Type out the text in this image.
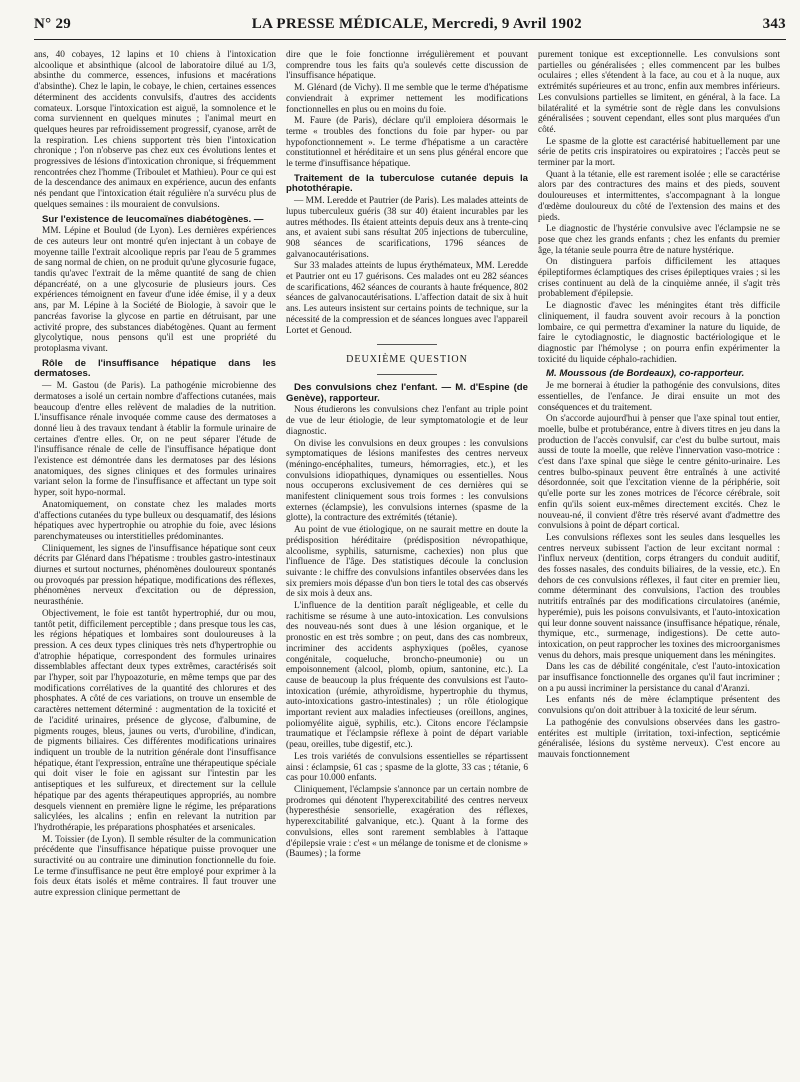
N° 29	LA PRESSE MÉDICALE, Mercredi, 9 Avril 1902	343

ans, 40 cobayes, 12 lapins et 10 chiens à l'intoxication alcoolique et absinthique (alcool de laboratoire dilué au 1/3, absinthe du commerce, essences, infusions et macérations d'absinthe). Chez le lapin, le cobaye, le chien, certaines essences déterminent des accidents convulsifs, d'autres des accidents comateux. Lorsque l'intoxication est aiguë, la somnolence et le coma surviennent en quelques minutes ; l'animal meurt en quelques heures par refroidissement progressif, cyanose, arrêt de la respiration. Les chiens supportent très bien l'intoxication chronique ; l'on n'observe pas chez eux ces évolutions lentes et progressives de lésions d'intoxication chronique, si fréquemment rencontrées chez l'homme (Triboulet et Mathieu). Pour ce qui est de la descendance des animaux en expérience, aucun des enfants nés pendant que l'intoxication était régulière n'a survécu plus de quelques semaines : ils mouraient de convulsions.

Sur l'existence de leucomaïnes diabétogènes. —

MM. Lépine et Boulud (de Lyon). Les dernières expériences de ces auteurs leur ont montré qu'en injectant à un cobaye de moyenne taille l'extrait alcoolique repris par l'eau de 5 grammes de sang normal de chien, on ne produit qu'une glycosurie fugace, tandis qu'avec l'extrait de la même quantité de sang de chien dépancréaté, on a une glycosurie de plusieurs jours. Ces expériences témoignent en faveur d'une idée émise, il y a deux ans, par M. Lépine à la Société de Biologie, à savoir que le pancréas favorise la glycose en partie en détruisant, par une activité propre, des substances diabétogènes. Quant au ferment glycolytique, nous pensons qu'il est une propriété du protoplasma vivant.

Rôle de l'insuffisance hépatique dans les dermatoses.

— M. Gastou (de Paris). La pathogénie microbienne des dermatoses a isolé un certain nombre d'affections cutanées, mais beaucoup d'entre elles relèvent de maladies de la nutrition. L'insuffisance rénale invoquée comme cause des dermatoses a donné lieu à des travaux tendant à établir la formule urinaire de certaines d'entre elles. Or, on ne peut séparer l'étude de l'insuffisance rénale de celle de l'insuffisance hépatique dont l'existence est démontrée dans les dermatoses par des lésions anatomiques, des signes cliniques et des formules urinaires variant selon la forme de l'insuffisance et affectant un type soit hyper, soit hypo-normal.

Anatomiquement, on constate chez les malades morts d'affections cutanées du type bulleux ou desquamatif, des lésions hépatiques avec hypertrophie ou atrophie du foie, avec lésions parenchymateuses ou interstitielles prédominantes.

Cliniquement, les signes de l'insuffisance hépatique sont ceux décrits par Glénard dans l'hépatisme : troubles gastro-intestinaux diurnes et surtout nocturnes, phénomènes douloureux spontanés ou provoqués par pression hépatique, modifications des réflexes, phénomènes nerveux d'excitation ou de dépression, neurasthénie.

Objectivement, le foie est tantôt hypertrophié, dur ou mou, tantôt petit, difficilement perceptible ; dans presque tous les cas, les régions hépatiques et lombaires sont douloureuses à la pression. A ces deux types cliniques très nets d'hypertrophie ou d'atrophie hépatique, correspondent des formules urinaires dissemblables affectant deux types extrêmes, caractérisés soit par l'hyper, soit par l'hypoazoturie, en même temps que par des modifications corrélatives de la quantité des chlorures et des phosphates. A côté de ces variations, on trouve un ensemble de caractères nettement déterminé : augmentation de la toxicité et de l'acidité urinaires, présence de glycose, d'albumine, de pigments rouges, bleus, jaunes ou verts, d'urobiline, d'indican, de pigments biliaires. Ces différentes modifications urinaires indiquent un trouble de la nutrition générale dont l'insuffisance hépatique, étant l'expression, entraîne une thérapeutique spéciale qui doit viser le foie en agissant sur l'intestin par les antiseptiques et les sulfureux, et directement sur la cellule hépatique par des agents thérapeutiques appropriés, au nombre desquels viennent en première ligne le régime, les préparations salicylées, les alcalins ; enfin en relevant la nutrition par l'hydrothérapie, les préparations phosphatées et arsenicales.

M. Toissier (de Lyon). Il semble résulter de la communication précédente que l'insuffisance hépatique puisse provoquer une suractivité ou au contraire une diminution fonctionnelle du foie. Le terme d'insuffisance ne peut être employé pour exprimer à la fois deux états isolés et même contraires. Il faut trouver une autre expression clinique permettant de

dire que le foie fonctionne irrégulièrement et pouvant comprendre tous les faits qu'a soulevés cette discussion de l'insuffisance hépatique.

M. Glénard (de Vichy). Il me semble que le terme d'hépatisme conviendrait à exprimer nettement les modifications fonctionnelles en plus ou en moins du foie.

M. Faure (de Paris), déclare qu'il emploiera désormais le terme « troubles des fonctions du foie par hyper- ou par hypofonctionnement ». Le terme d'hépatisme a un caractère constitutionnel et héréditaire et un sens plus général encore que le terme d'insuffisance hépatique.

Traitement de la tuberculose cutanée depuis la photothérapie.

— MM. Leredde et Pautrier (de Paris). Les malades atteints de lupus tuberculeux guéris (38 sur 40) étaient incurables par les autres méthodes. Ils étaient atteints depuis deux ans à trente-cinq ans, et avaient subi sans résultat 205 injections de tuberculine, 908 séances de scarifications, 1796 séances de galvanocautérisations.

Sur 33 malades atteints de lupus érythémateux, MM. Leredde et Pautrier ont eu 17 guérisons. Ces malades ont eu 282 séances de scarifications, 462 séances de courants à haute fréquence, 802 séances de galvanocautérisations. L'affection datait de six à huit ans. Les auteurs insistent sur certains points de technique, sur la nécessité de la compression et de séances longues avec l'appareil Lortet et Genoud.

DEUXIÈME QUESTION
Des convulsions chez l'enfant. — M. d'Espine (de Genève), rapporteur.

Nous étudierons les convulsions chez l'enfant au triple point de vue de leur étiologie, de leur symptomatologie et de leur diagnostic.

On divise les convulsions en deux groupes : les convulsions symptomatiques de lésions manifestes des centres nerveux (méningo-encéphalites, tumeurs, hémorragies, etc.), et les convulsions idiopathiques, dynamiques ou essentielles. Nous nous occuperons exclusivement de ces dernières qui se manifestent cliniquement sous trois formes : les convulsions externes (éclampsie), les convulsions internes (spasme de la glotte), la contracture des extrémités (tétanie).

Au point de vue étiologique, on ne saurait mettre en doute la prédisposition héréditaire (prédisposition névropathique, alcoolisme, syphilis, saturnisme, cachexies) non plus que l'influence de l'âge. Des statistiques découle la conclusion suivante : le chiffre des convulsions infantiles observées dans les six premiers mois dépasse d'un bon tiers le total des cas observés de six mois à deux ans.

L'influence de la dentition paraît négligeable, et celle du rachitisme se résume à une auto-intoxication. Les convulsions des nouveau-nés sont dues à une lésion organique, et le pronostic en est très sombre ; on peut, dans des cas nombreux, incriminer des accidents asphyxiques (poêles, cyanose congénitale, coqueluche, broncho-pneumonie) ou un empoisonnement (alcool, plomb, opium, santonine, etc.). La cause de beaucoup la plus fréquente des convulsions est l'auto-intoxication (urémie, athyroïdisme, hypertrophie du thymus, auto-intoxications gastro-intestinales) ; un rôle étiologique important revient aux maladies infectieuses (oreillons, angines, poliomyélite aiguë, syphilis, etc.). Citons encore l'éclampsie traumatique et l'éclampsie réflexe à point de départ variable (peau, oreilles, tube digestif, etc.).

Les trois variétés de convulsions essentielles se répartissent ainsi : éclampsie, 61 cas ; spasme de la glotte, 33 cas ; tétanie, 6 cas pour 10.000 enfants.

Cliniquement, l'éclampsie s'annonce par un certain nombre de prodromes qui dénotent l'hyperexcitabilité des centres nerveux (hyperesthésie sensorielle, exagération des réflexes, hyperexcitabilité galvanique, etc.). Quant à la forme des convulsions, elles sont rarement semblables à l'attaque d'épilepsie vraie : c'est « un mélange de tonisme et de clonisme » (Baumes) ; la forme

purement tonique est exceptionnelle. Les convulsions sont partielles ou généralisées ; elles commencent par les bulbes oculaires ; elles s'étendent à la face, au cou et à la nuque, aux extrémités supérieures et au tronc, enfin aux membres inférieurs. Les convulsions partielles se limitent, en général, à la face. La bilatéralité et la symétrie sont de règle dans les convulsions généralisées ; souvent cependant, elles sont plus marquées d'un côté.

Le spasme de la glotte est caractérisé habituellement par une série de petits cris inspiratoires ou expiratoires ; l'accès peut se terminer par la mort.

Quant à la tétanie, elle est rarement isolée ; elle se caractérise alors par des contractures des mains et des pieds, souvent douloureuses et intermittentes, s'accompagnant à la longue d'œdème douloureux du côté de l'extension des mains et des pieds.

Le diagnostic de l'hystérie convulsive avec l'éclampsie ne se pose que chez les grands enfants ; chez les enfants du premier âge, la tétanie seule pourra être de nature hystérique.

On distinguera parfois difficilement les attaques épileptiformes éclamptiques des crises épileptiques vraies ; si les crises continuent au delà de la cinquième année, il s'agit très probablement d'épilepsie.

Le diagnostic d'avec les méningites étant très difficile cliniquement, il faudra souvent avoir recours à la ponction lombaire, ce qui permettra d'examiner la nature du liquide, de faire le cytodiagnostic, le diagnostic bactériologique et le diagnostic par l'hémolyse ; on pourra enfin expérimenter la toxicité du liquide céphalo-rachidien.

M. Moussous (de Bordeaux), co-rapporteur.

Je me bornerai à étudier la pathogénie des convulsions, dites essentielles, de l'enfance. Je dirai ensuite un mot des conséquences et du traitement.

On s'accorde aujourd'hui à penser que l'axe spinal tout entier, moelle, bulbe et protubérance, entre à divers titres en jeu dans la production de l'accès convulsif, car c'est du bulbe surtout, mais aussi de toute la moelle, que relève l'innervation vaso-motrice : c'est dans l'axe spinal que siège le centre génito-urinaire. Les centres bulbo-spinaux peuvent être entraînés à une activité désordonnée, soit que l'excitation vienne de la périphérie, soit qu'elle porte sur les zones motrices de l'écorce cérébrale, soit enfin qu'ils soient eux-mêmes directement excités. Chez le nouveau-né, il convient d'être très réservé avant d'admettre des convulsions à point de départ cortical.

Les convulsions réflexes sont les seules dans lesquelles les centres nerveux subissent l'action de leur excitant normal : l'influx nerveux (dentition, corps étrangers du conduit auditif, des fosses nasales, des conduits biliaires, de la vessie, etc.). En dehors de ces convulsions réflexes, il faut citer en premier lieu, comme déterminant des convulsions, l'action des troubles nutritifs entraînés par des modifications circulatoires (anémie, hyperémie), puis les poisons convulsivants, et l'auto-intoxication qui leur donne souvent naissance (insuffisance hépatique, rénale, thymique, etc., surmenage, indigestions). De cette auto-intoxication, on peut rapprocher les toxines des microorganismes venus du dehors, mais presque uniquement dans les méningites.

Dans les cas de débilité congénitale, c'est l'auto-intoxication par insuffisance fonctionnelle des organes qu'il faut incriminer ; on a pu aussi incriminer la persistance du canal d'Aranzi.

Les enfants nés de mère éclamptique présentent des convulsions qu'on doit attribuer à la toxicité de leur sérum.

La pathogénie des convulsions observées dans les gastro-entérites est multiple (irritation, toxi-infection, septicémie généralisée, lésions du système nerveux). C'est encore au mauvais fonctionnement
